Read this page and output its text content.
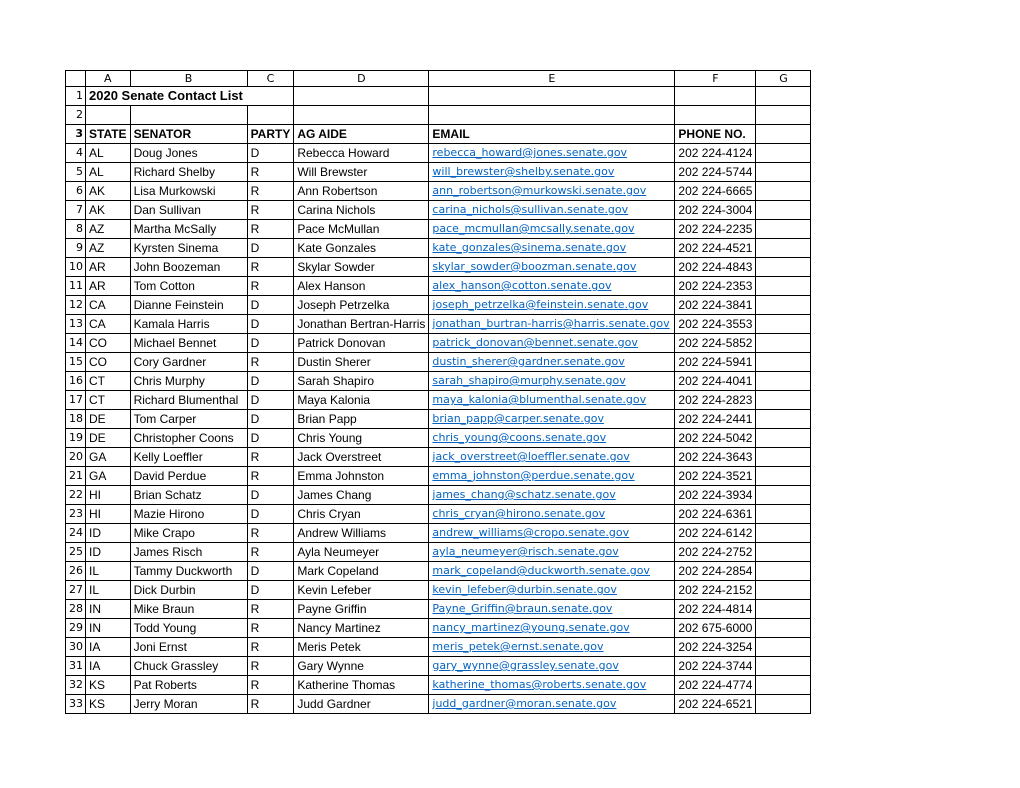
	A	B	C	D	E	F	G
1	2020 Senate Contact List						
2							
3	STATE	SENATOR	PARTY	AG AIDE	EMAIL	PHONE NO.	
4	AL	Doug Jones	D	Rebecca Howard	rebecca_howard@jones.senate.gov	202 224-4124	
5	AL	Richard Shelby	R	Will Brewster	will_brewster@shelby.senate.gov	202 224-5744	
6	AK	Lisa Murkowski	R	Ann Robertson	ann_robertson@murkowski.senate.gov	202 224-6665	
7	AK	Dan Sullivan	R	Carina Nichols	carina_nichols@sullivan.senate.gov	202 224-3004	
8	AZ	Martha McSally	R	Pace McMullan	pace_mcmullan@mcsally.senate.gov	202 224-2235	
9	AZ	Kyrsten Sinema	D	Kate Gonzales	kate_gonzales@sinema.senate.gov	202 224-4521	
10	AR	John Boozeman	R	Skylar Sowder	skylar_sowder@boozman.senate.gov	202 224-4843	
11	AR	Tom Cotton	R	Alex Hanson	alex_hanson@cotton.senate.gov	202 224-2353	
12	CA	Dianne Feinstein	D	Joseph Petrzelka	joseph_petrzelka@feinstein.senate.gov	202 224-3841	
13	CA	Kamala Harris	D	Jonathan Bertran-Harris	jonathan_burtran-harris@harris.senate.gov	202 224-3553	
14	CO	Michael Bennet	D	Patrick Donovan	patrick_donovan@bennet.senate.gov	202 224-5852	
15	CO	Cory Gardner	R	Dustin Sherer	dustin_sherer@gardner.senate.gov	202 224-5941	
16	CT	Chris Murphy	D	Sarah Shapiro	sarah_shapiro@murphy.senate.gov	202 224-4041	
17	CT	Richard Blumenthal	D	Maya Kalonia	maya_kalonia@blumenthal.senate.gov	202 224-2823	
18	DE	Tom Carper	D	Brian Papp	brian_papp@carper.senate.gov	202 224-2441	
19	DE	Christopher Coons	D	Chris Young	chris_young@coons.senate.gov	202 224-5042	
20	GA	Kelly Loeffler	R	Jack Overstreet	jack_overstreet@loeffler.senate.gov	202 224-3643	
21	GA	David Perdue	R	Emma Johnston	emma_johnston@perdue.senate.gov	202 224-3521	
22	HI	Brian Schatz	D	James Chang	james_chang@schatz.senate.gov	202 224-3934	
23	HI	Mazie Hirono	D	Chris Cryan	chris_cryan@hirono.senate.gov	202 224-6361	
24	ID	Mike Crapo	R	Andrew Williams	andrew_williams@cropo.senate.gov	202 224-6142	
25	ID	James Risch	R	Ayla Neumeyer	ayla_neumeyer@risch.senate.gov	202 224-2752	
26	IL	Tammy Duckworth	D	Mark Copeland	mark_copeland@duckworth.senate.gov	202 224-2854	
27	IL	Dick Durbin	D	Kevin Lefeber	kevin_lefeber@durbin.senate.gov	202 224-2152	
28	IN	Mike Braun	R	Payne Griffin	Payne_Griffin@braun.senate.gov	202 224-4814	
29	IN	Todd Young	R	Nancy Martinez	nancy_martinez@young.senate.gov	202 675-6000	
30	IA	Joni Ernst	R	Meris Petek	meris_petek@ernst.senate.gov	202 224-3254	
31	IA	Chuck Grassley	R	Gary Wynne	gary_wynne@grassley.senate.gov	202 224-3744	
32	KS	Pat Roberts	R	Katherine Thomas	katherine_thomas@roberts.senate.gov	202 224-4774	
33	KS	Jerry Moran	R	Judd Gardner	judd_gardner@moran.senate.gov	202 224-6521	
